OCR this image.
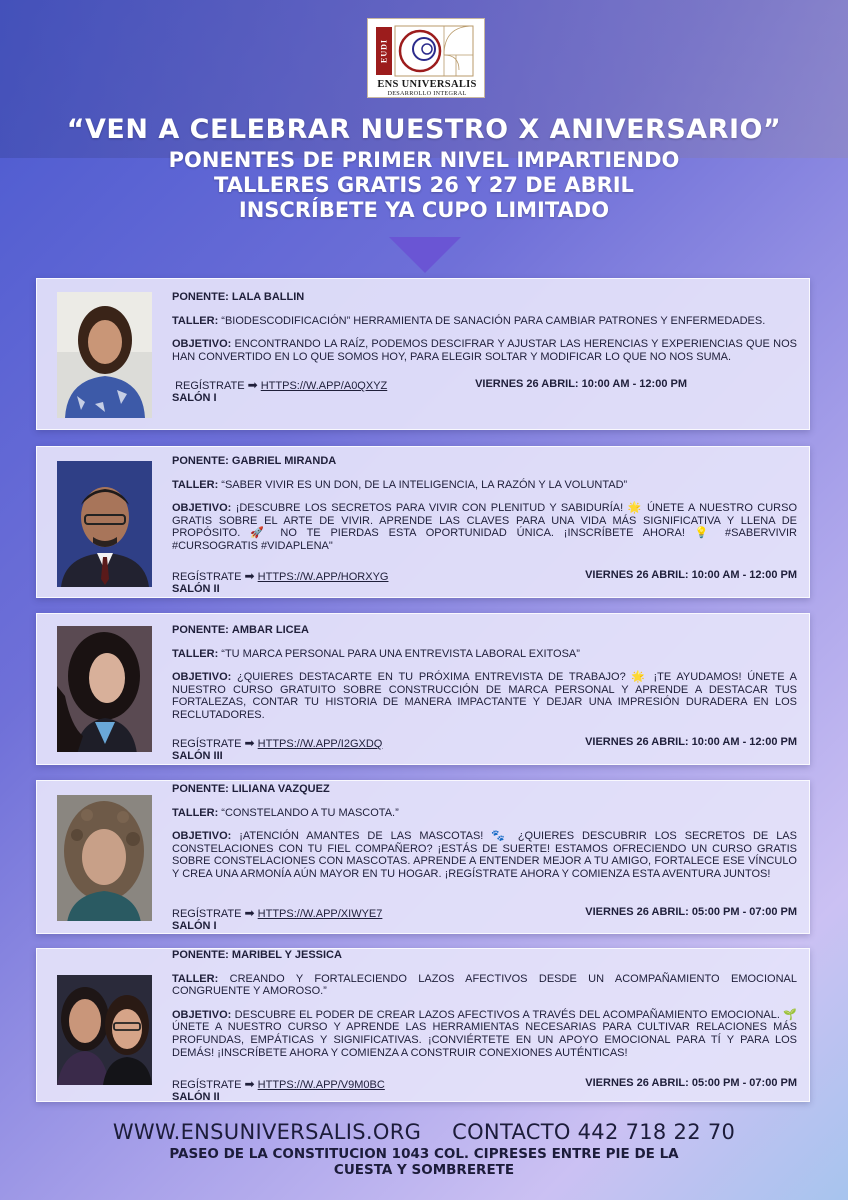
EUDI
ENS UNIVERSALIS
DESARROLLO INTEGRAL
“VEN A CELEBRAR NUESTRO X ANIVERSARIO”
PONENTES DE PRIMER NIVEL IMPARTIENDO
TALLERES GRATIS 26 Y 27 DE ABRIL
INSCRÍBETE YA CUPO LIMITADO

PONENTE: LALA BALLIN

TALLER: “BIODESCODIFICACIÓN” HERRAMIENTA DE SANACIÓN PARA CAMBIAR PATRONES Y ENFERMEDADES.

OBJETIVO: ENCONTRANDO LA RAÍZ, PODEMOS DESCIFRAR Y AJUSTAR LAS HERENCIAS Y EXPERIENCIAS QUE NOS HAN CONVERTIDO EN LO QUE SOMOS HOY, PARA ELEGIR SOLTAR Y MODIFICAR LO QUE NO NOS SUMA.

REGÍSTRATE ➡ HTTPS://W.APP/A0QXYZ	VIERNES 26 ABRIL: 10:00 AM - 12:00 PM
SALÓN I

PONENTE: GABRIEL MIRANDA

TALLER: “SABER VIVIR ES UN DON, DE LA INTELIGENCIA, LA RAZÓN Y LA VOLUNTAD”

OBJETIVO: ¡DESCUBRE LOS SECRETOS PARA VIVIR CON PLENITUD Y SABIDURÍA! 🌟 ÚNETE A NUESTRO CURSO GRATIS SOBRE EL ARTE DE VIVIR. APRENDE LAS CLAVES PARA UNA VIDA MÁS SIGNIFICATIVA Y LLENA DE PROPÓSITO. 🚀 NO TE PIERDAS ESTA OPORTUNIDAD ÚNICA. ¡INSCRÍBETE AHORA! 💡 #SABERVIVIR #CURSOGRATIS #VIDAPLENA"

REGÍSTRATE ➡ HTTPS://W.APP/HORXYG	VIERNES 26 ABRIL: 10:00 AM - 12:00 PM
SALÓN II

PONENTE: AMBAR LICEA

TALLER: “TU MARCA PERSONAL PARA UNA ENTREVISTA LABORAL EXITOSA”

OBJETIVO: ¿QUIERES DESTACARTE EN TU PRÓXIMA ENTREVISTA DE TRABAJO? 🌟 ¡TE AYUDAMOS! ÚNETE A NUESTRO CURSO GRATUITO SOBRE CONSTRUCCIÓN DE MARCA PERSONAL Y APRENDE A DESTACAR TUS FORTALEZAS, CONTAR TU HISTORIA DE MANERA IMPACTANTE Y DEJAR UNA IMPRESIÓN DURADERA EN LOS RECLUTADORES.

REGÍSTRATE ➡ HTTPS://W.APP/I2GXDQ	VIERNES 26 ABRIL: 10:00 AM - 12:00 PM
SALÓN III

PONENTE: LILIANA VAZQUEZ

TALLER: “CONSTELANDO A TU MASCOTA.”

OBJETIVO: ¡ATENCIÓN AMANTES DE LAS MASCOTAS! 🐾 ¿QUIERES DESCUBRIR LOS SECRETOS DE LAS CONSTELACIONES CON TU FIEL COMPAÑERO? ¡ESTÁS DE SUERTE! ESTAMOS OFRECIENDO UN CURSO GRATIS SOBRE CONSTELACIONES CON MASCOTAS. APRENDE A ENTENDER MEJOR A TU AMIGO, FORTALECE ESE VÍNCULO Y CREA UNA ARMONÍA AÚN MAYOR EN TU HOGAR. ¡REGÍSTRATE AHORA Y COMIENZA ESTA AVENTURA JUNTOS!

REGÍSTRATE ➡ HTTPS://W.APP/XIWYE7	VIERNES 26 ABRIL: 05:00 PM - 07:00 PM
SALÓN I

PONENTE: MARIBEL Y JESSICA

TALLER: CREANDO Y FORTALECIENDO LAZOS AFECTIVOS DESDE UN ACOMPAÑAMIENTO EMOCIONAL CONGRUENTE Y AMOROSO.”

OBJETIVO: DESCUBRE EL PODER DE CREAR LAZOS AFECTIVOS A TRAVÉS DEL ACOMPAÑAMIENTO EMOCIONAL. 🌱 ÚNETE A NUESTRO CURSO Y APRENDE LAS HERRAMIENTAS NECESARIAS PARA CULTIVAR RELACIONES MÁS PROFUNDAS, EMPÁTICAS Y SIGNIFICATIVAS. ¡CONVIÉRTETE EN UN APOYO EMOCIONAL PARA TÍ Y PARA LOS DEMÁS! ¡INSCRÍBETE AHORA Y COMIENZA A CONSTRUIR CONEXIONES AUTÉNTICAS!

REGÍSTRATE ➡ HTTPS://W.APP/V9M0BC	VIERNES 26 ABRIL: 05:00 PM - 07:00 PM
SALÓN II
WWW.ENSUNIVERSALIS.ORG CONTACTO 442 718 22 70
PASEO DE LA CONSTITUCION 1043 COL. CIPRESES ENTRE PIE DE LA
CUESTA Y SOMBRERETE
